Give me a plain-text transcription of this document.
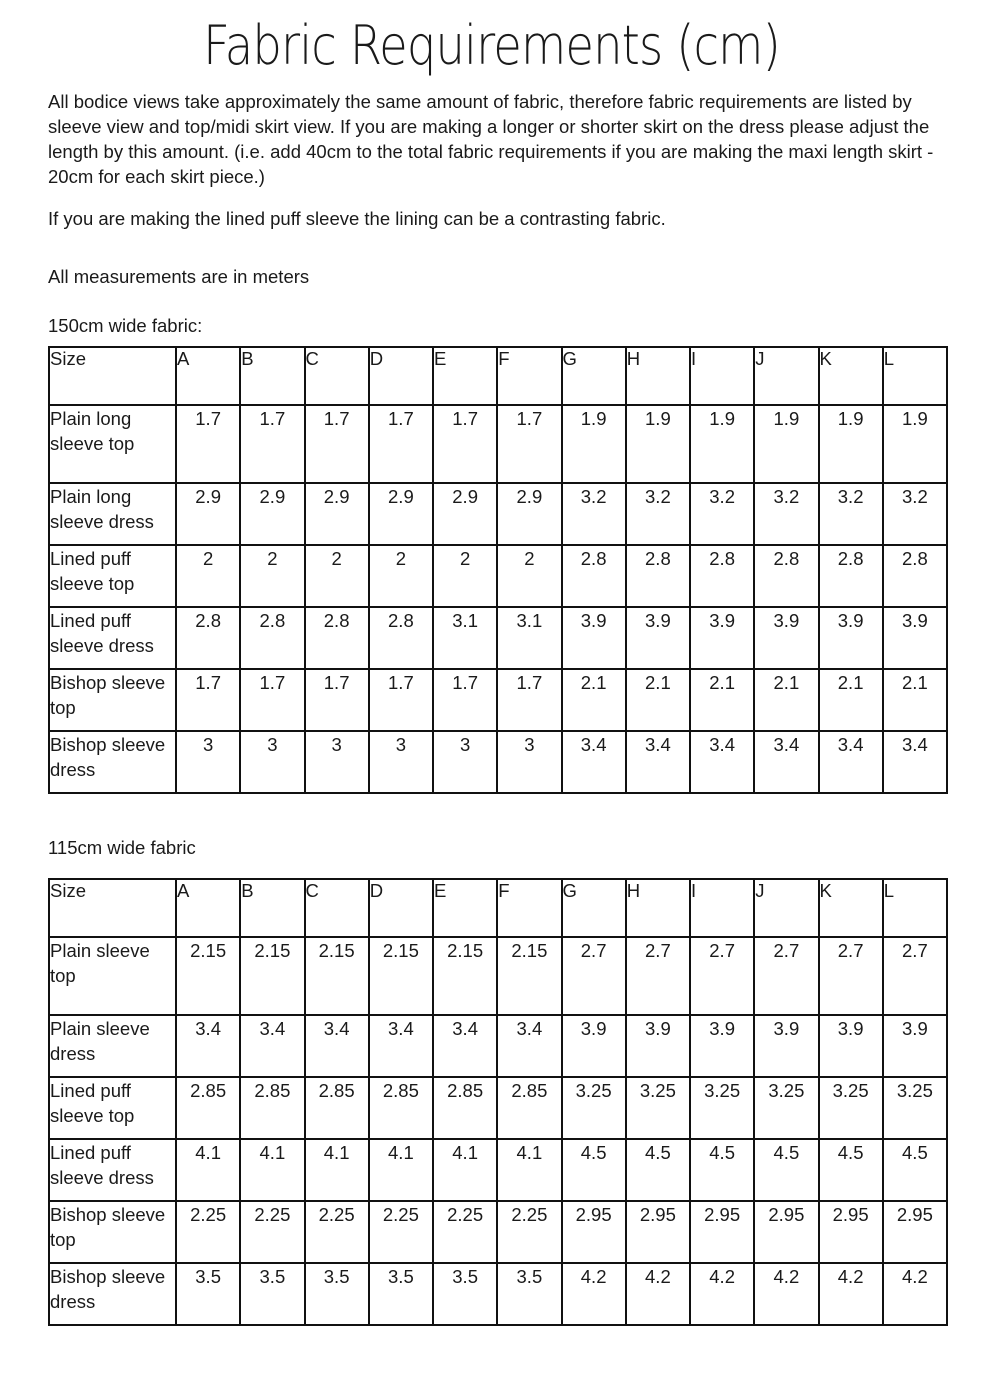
Fabric Requirements (cm)

All bodice views take approximately the same amount of fabric, therefore fabric requirements are listed by sleeve view and top/midi skirt view. If you are making a longer or shorter skirt on the dress please adjust the length by this amount. (i.e. add 40cm to the total fabric requirements if you are making the maxi length skirt - 20cm for each skirt piece.)

If you are making the lined puff sleeve the lining can be a contrasting fabric.

All measurements are in meters

150cm wide fabric:
Size	A	B	C	D	E	F	G	H	I	J	K	L
Plain long sleeve top	1.7	1.7	1.7	1.7	1.7	1.7	1.9	1.9	1.9	1.9	1.9	1.9
Plain long sleeve dress	2.9	2.9	2.9	2.9	2.9	2.9	3.2	3.2	3.2	3.2	3.2	3.2
Lined puff sleeve top	2	2	2	2	2	2	2.8	2.8	2.8	2.8	2.8	2.8
Lined puff sleeve dress	2.8	2.8	2.8	2.8	3.1	3.1	3.9	3.9	3.9	3.9	3.9	3.9
Bishop sleeve top	1.7	1.7	1.7	1.7	1.7	1.7	2.1	2.1	2.1	2.1	2.1	2.1
Bishop sleeve dress	3	3	3	3	3	3	3.4	3.4	3.4	3.4	3.4	3.4
115cm wide fabric
Size	A	B	C	D	E	F	G	H	I	J	K	L
Plain sleeve top	2.15	2.15	2.15	2.15	2.15	2.15	2.7	2.7	2.7	2.7	2.7	2.7
Plain sleeve dress	3.4	3.4	3.4	3.4	3.4	3.4	3.9	3.9	3.9	3.9	3.9	3.9
Lined puff sleeve top	2.85	2.85	2.85	2.85	2.85	2.85	3.25	3.25	3.25	3.25	3.25	3.25
Lined puff sleeve dress	4.1	4.1	4.1	4.1	4.1	4.1	4.5	4.5	4.5	4.5	4.5	4.5
Bishop sleeve top	2.25	2.25	2.25	2.25	2.25	2.25	2.95	2.95	2.95	2.95	2.95	2.95
Bishop sleeve dress	3.5	3.5	3.5	3.5	3.5	3.5	4.2	4.2	4.2	4.2	4.2	4.2
